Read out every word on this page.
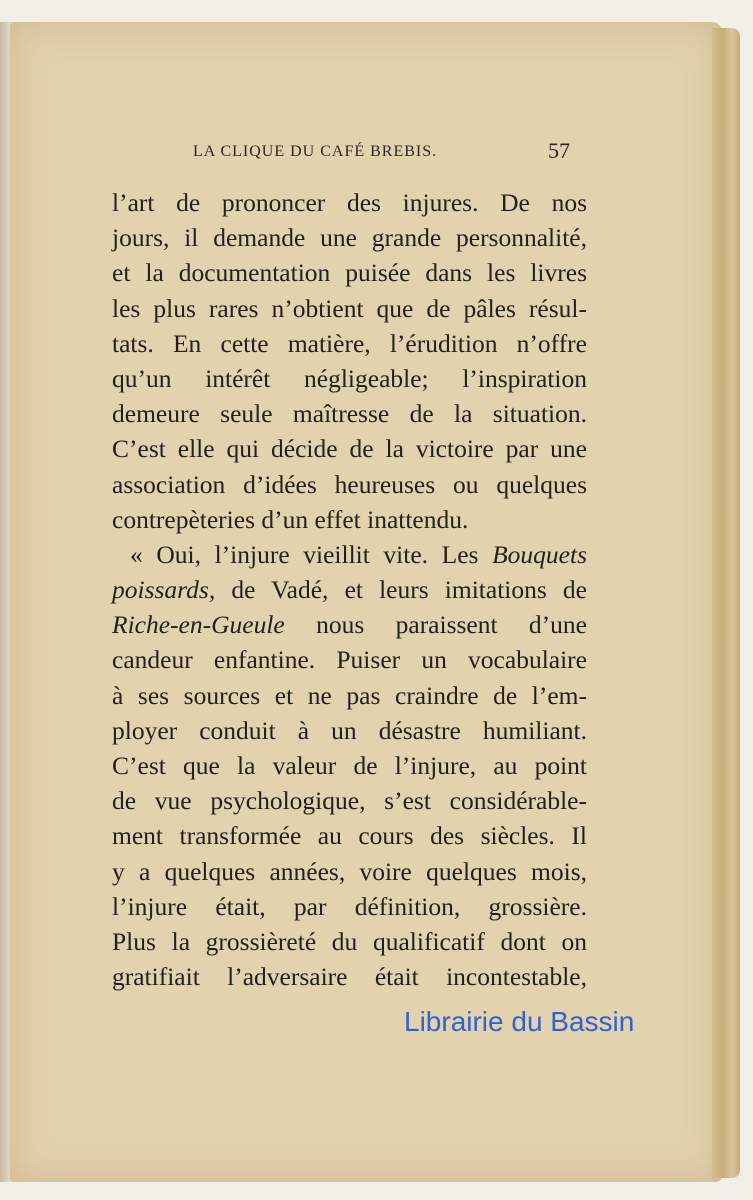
LA CLIQUE DU CAFÉ BREBIS.	57
l’art de prononcer des injures. De nos
jours, il demande une grande personnalité,
et la documentation puisée dans les livres
les plus rares n’obtient que de pâles résul-
tats. En cette matière, l’érudition n’offre
qu’un intérêt négligeable; l’inspiration
demeure seule maîtresse de la situation.
C’est elle qui décide de la victoire par une
association d’idées heureuses ou quelques
contrepèteries d’un effet inattendu.
« Oui, l’injure vieillit vite. Les Bouquets
poissards, de Vadé, et leurs imitations de
Riche-en-Gueule nous paraissent d’une
candeur enfantine. Puiser un vocabulaire
à ses sources et ne pas craindre de l’em-
ployer conduit à un désastre humiliant.
C’est que la valeur de l’injure, au point
de vue psychologique, s’est considérable-
ment transformée au cours des siècles. Il
y a quelques années, voire quelques mois,
l’injure était, par définition, grossière.
Plus la grossièreté du qualificatif dont on
gratifiait l’adversaire était incontestable,
Librairie du Bassin
